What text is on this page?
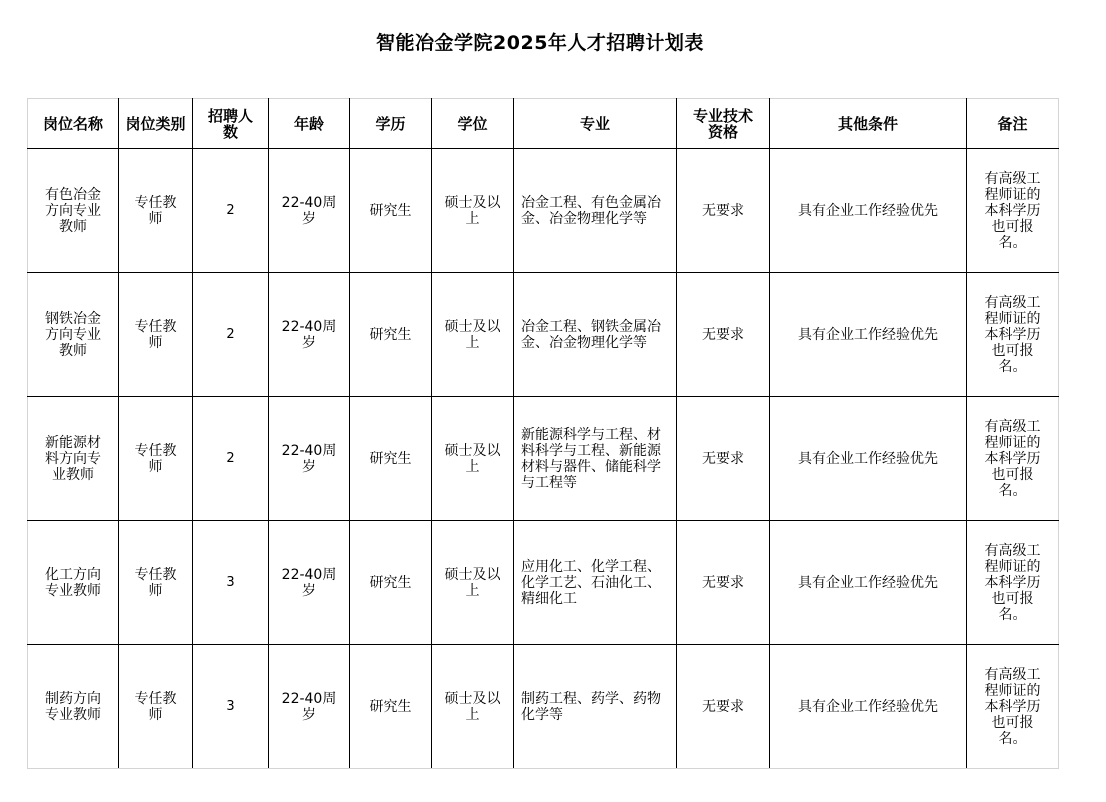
智能冶金学院2025年人才招聘计划表
岗位名称	岗位类别	招聘人数	年龄	学历	学位	专业	专业技术资格	其他条件	备注

有色冶金方向专业教师	专任教师	2	22-40周岁	研究生	硕士及以上	冶金工程、有色金属冶金、冶金物理化学等	无要求	具有企业工作经验优先	有高级工程师证的本科学历也可报名。

钢铁冶金方向专业教师	专任教师	2	22-40周岁	研究生	硕士及以上	冶金工程、钢铁金属冶金、冶金物理化学等	无要求	具有企业工作经验优先	有高级工程师证的本科学历也可报名。

新能源材料方向专业教师	专任教师	2	22-40周岁	研究生	硕士及以上	新能源科学与工程、材料科学与工程、新能源材料与器件、储能科学与工程等	无要求	具有企业工作经验优先	有高级工程师证的本科学历也可报名。

化工方向专业教师	专任教师	3	22-40周岁	研究生	硕士及以上	应用化工、化学工程、化学工艺、石油化工、精细化工	无要求	具有企业工作经验优先	有高级工程师证的本科学历也可报名。

制药方向专业教师	专任教师	3	22-40周岁	研究生	硕士及以上	制药工程、药学、药物化学等	无要求	具有企业工作经验优先	有高级工程师证的本科学历也可报名。
